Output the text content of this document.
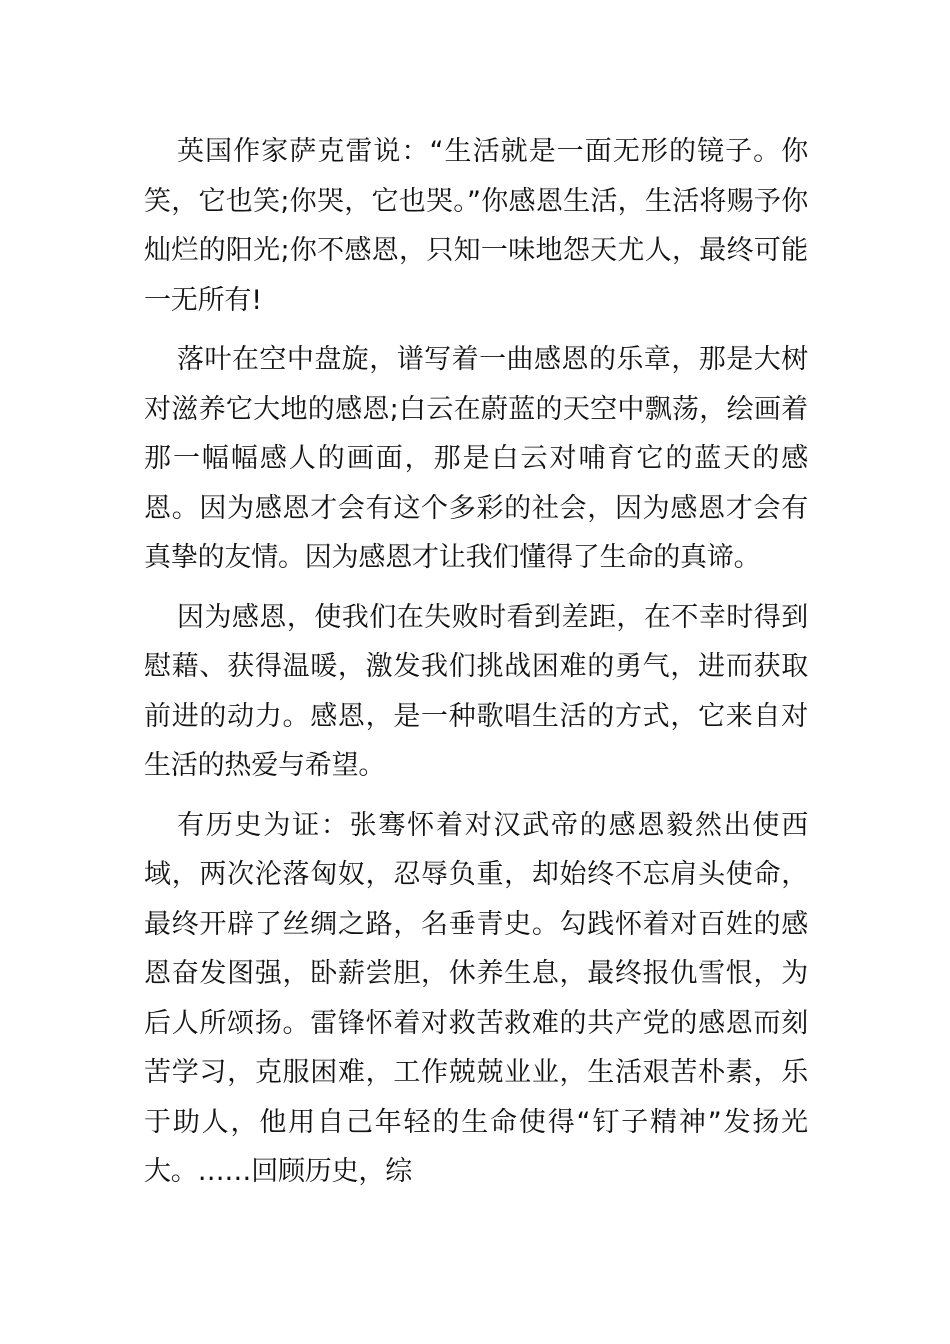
英国作家萨克雷说：“生活就是一面无形的镜子。你笑，它也笑;你哭，它也哭。”你感恩生活，生活将赐予你灿烂的阳光;你不感恩，只知一味地怨天尤人，最终可能一无所有!

落叶在空中盘旋，谱写着一曲感恩的乐章，那是大树对滋养它大地的感恩;白云在蔚蓝的天空中飘荡，绘画着那一幅幅感人的画面，那是白云对哺育它的蓝天的感恩。因为感恩才会有这个多彩的社会，因为感恩才会有真挚的友情。因为感恩才让我们懂得了生命的真谛。

因为感恩，使我们在失败时看到差距，在不幸时得到慰藉、获得温暖，激发我们挑战困难的勇气，进而获取前进的动力。感恩，是一种歌唱生活的方式，它来自对生活的热爱与希望。

有历史为证：张骞怀着对汉武帝的感恩毅然出使西域，两次沦落匈奴，忍辱负重，却始终不忘肩头使命，最终开辟了丝绸之路，名垂青史。勾践怀着对百姓的感恩奋发图强，卧薪尝胆，休养生息，最终报仇雪恨，为后人所颂扬。雷锋怀着对救苦救难的共产党的感恩而刻苦学习，克服困难，工作兢兢业业，生活艰苦朴素，乐于助人，他用自己年轻的生命使得“钉子精神”发扬光大。……回顾历史，综
